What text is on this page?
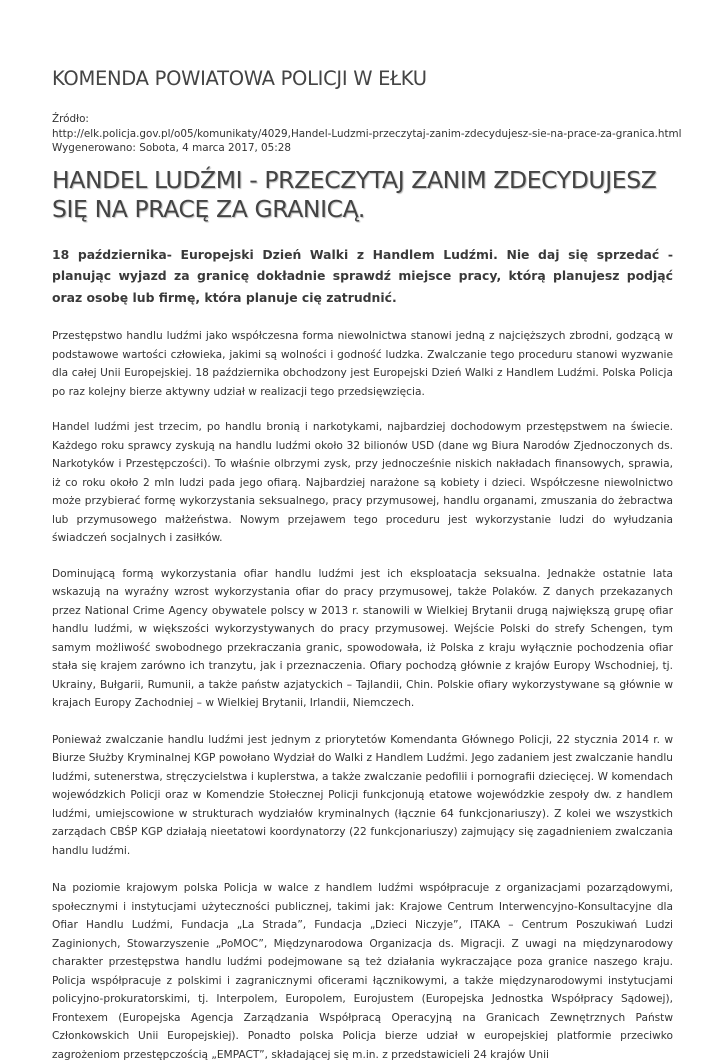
KOMENDA POWIATOWA POLICJI W EŁKU
Źródło:
http://elk.policja.gov.pl/o05/komunikaty/4029,Handel-Ludzmi-przeczytaj-zanim-zdecydujesz-sie-na-prace-za-granica.html
Wygenerowano: Sobota, 4 marca 2017, 05:28
HANDEL LUDŹMI - PRZECZYTAJ ZANIM ZDECYDUJESZ SIĘ NA PRACĘ ZA GRANICĄ.
18 października- Europejski Dzień Walki z Handlem Ludźmi. Nie daj się sprzedać - planując wyjazd za granicę dokładnie sprawdź miejsce pracy, którą planujesz podjąć oraz osobę lub firmę, która planuje cię zatrudnić.

Przestępstwo handlu ludźmi jako współczesna forma niewolnictwa stanowi jedną z najcięższych zbrodni, godzącą w podstawowe wartości człowieka, jakimi są wolności i godność ludzka. Zwalczanie tego proceduru stanowi wyzwanie dla całej Unii Europejskiej. 18 października obchodzony jest Europejski Dzień Walki z Handlem Ludźmi. Polska Policja po raz kolejny bierze aktywny udział w realizacji tego przedsięwzięcia.

Handel ludźmi jest trzecim, po handlu bronią i narkotykami, najbardziej dochodowym przestępstwem na świecie. Każdego roku sprawcy zyskują na handlu ludźmi około 32 bilionów USD (dane wg Biura Narodów Zjednoczonych ds. Narkotyków i Przestępczości). To właśnie olbrzymi zysk, przy jednocześnie niskich nakładach finansowych, sprawia, iż co roku około 2 mln ludzi pada jego ofiarą. Najbardziej narażone są kobiety i dzieci. Współczesne niewolnictwo może przybierać formę wykorzystania seksualnego, pracy przymusowej, handlu organami, zmuszania do żebractwa lub przymusowego małżeństwa. Nowym przejawem tego proceduru jest wykorzystanie ludzi do wyłudzania świadczeń socjalnych i zasiłków.

Dominującą formą wykorzystania ofiar handlu ludźmi jest ich eksploatacja seksualna. Jednakże ostatnie lata wskazują na wyraźny wzrost wykorzystania ofiar do pracy przymusowej, także Polaków. Z danych przekazanych przez National Crime Agency obywatele polscy w 2013 r. stanowili w Wielkiej Brytanii drugą największą grupę ofiar handlu ludźmi, w większości wykorzystywanych do pracy przymusowej. Wejście Polski do strefy Schengen, tym samym możliwość swobodnego przekraczania granic, spowodowała, iż Polska z kraju wyłącznie pochodzenia ofiar stała się krajem zarówno ich tranzytu, jak i przeznaczenia. Ofiary pochodzą głównie z krajów Europy Wschodniej, tj. Ukrainy, Bułgarii, Rumunii, a także państw azjatyckich – Tajlandii, Chin. Polskie ofiary wykorzystywane są głównie w krajach Europy Zachodniej – w Wielkiej Brytanii, Irlandii, Niemczech.

Ponieważ zwalczanie handlu ludźmi jest jednym z priorytetów Komendanta Głównego Policji, 22 stycznia 2014 r. w Biurze Służby Kryminalnej KGP powołano Wydział do Walki z Handlem Ludźmi. Jego zadaniem jest zwalczanie handlu ludźmi, sutenerstwa, stręczycielstwa i kuplerstwa, a także zwalczanie pedofilii i pornografii dziecięcej. W komendach wojewódzkich Policji oraz w Komendzie Stołecznej Policji funkcjonują etatowe wojewódzkie zespoły dw. z handlem ludźmi, umiejscowione w strukturach wydziałów kryminalnych (łącznie 64 funkcjonariuszy). Z kolei we wszystkich zarządach CBŚP KGP działają nieetatowi koordynatorzy (22 funkcjonariuszy) zajmujący się zagadnieniem zwalczania handlu ludźmi.

Na poziomie krajowym polska Policja w walce z handlem ludźmi współpracuje z organizacjami pozarządowymi, społecznymi i instytucjami użyteczności publicznej, takimi jak: Krajowe Centrum Interwencyjno-Konsultacyjne dla Ofiar Handlu Ludźmi, Fundacja „La Strada”, Fundacja „Dzieci Niczyje”, ITAKA – Centrum Poszukiwań Ludzi Zaginionych, Stowarzyszenie „PoMOC”, Międzynarodowa Organizacja ds. Migracji. Z uwagi na międzynarodowy charakter przestępstwa handlu ludźmi podejmowane są też działania wykraczające poza granice naszego kraju. Policja współpracuje z polskimi i zagranicznymi oficerami łącznikowymi, a także międzynarodowymi instytucjami policyjno-prokuratorskimi, tj. Interpolem, Europolem, Eurojustem (Europejska Jednostka Współpracy Sądowej), Frontexem (Europejska Agencja Zarządzania Współpracą Operacyjną na Granicach Zewnętrznych Państw Członkowskich Unii Europejskiej). Ponadto polska Policja bierze udział w europejskiej platformie przeciwko zagrożeniom przestępczością „EMPACT”, składającej się m.in. z przedstawicieli 24 krajów Unii
